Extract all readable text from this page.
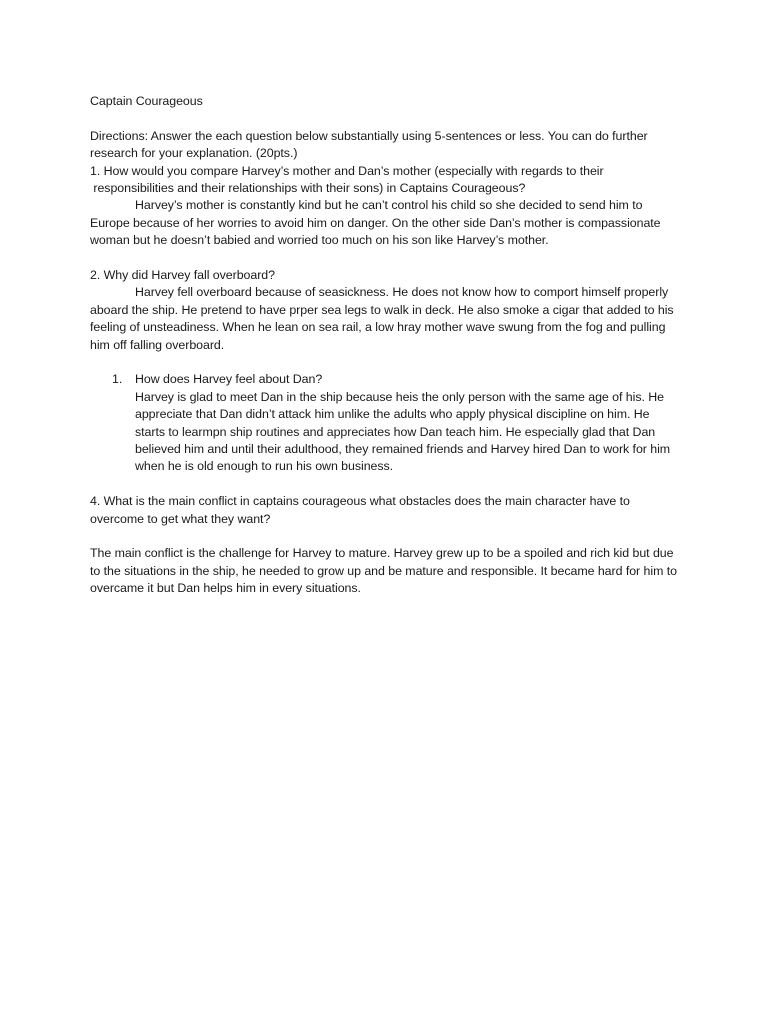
Captain Courageous

Directions: Answer the each question below substantially using 5-sentences or less. You can do further research for your explanation. (20pts.)

1. How would you compare Harvey’s mother and Dan’s mother (especially with regards to their

responsibilities and their relationships with their sons) in Captains Courageous?

Harvey’s mother is constantly kind but he can’t control his child so she decided to send him to Europe because of her worries to avoid him on danger. On the other side Dan’s mother is compassionate woman but he doesn’t babied and worried too much on his son like Harvey’s mother.

2. Why did Harvey fall overboard?

Harvey fell overboard because of seasickness. He does not know how to comport himself properly aboard the ship. He pretend to have prper sea legs to walk in deck. He also smoke a cigar that added to his feeling of unsteadiness. When he lean on sea rail, a low hray mother wave swung from the fog and pulling him off falling overboard.

1. How does Harvey feel about Dan?

Harvey is glad to meet Dan in the ship because heis the only person with the same age of his. He appreciate that Dan didn’t attack him unlike the adults who apply physical discipline on him. He starts to learmpn ship routines and appreciates how Dan teach him. He especially glad that Dan believed him and until their adulthood, they remained friends and Harvey hired Dan to work for him when he is old enough to run his own business.

4. What is the main conflict in captains courageous what obstacles does the main character have to overcome to get what they want?

The main conflict is the challenge for Harvey to mature. Harvey grew up to be a spoiled and rich kid but due to the situations in the ship, he needed to grow up and be mature and responsible. It became hard for him to overcame it but Dan helps him in every situations.
